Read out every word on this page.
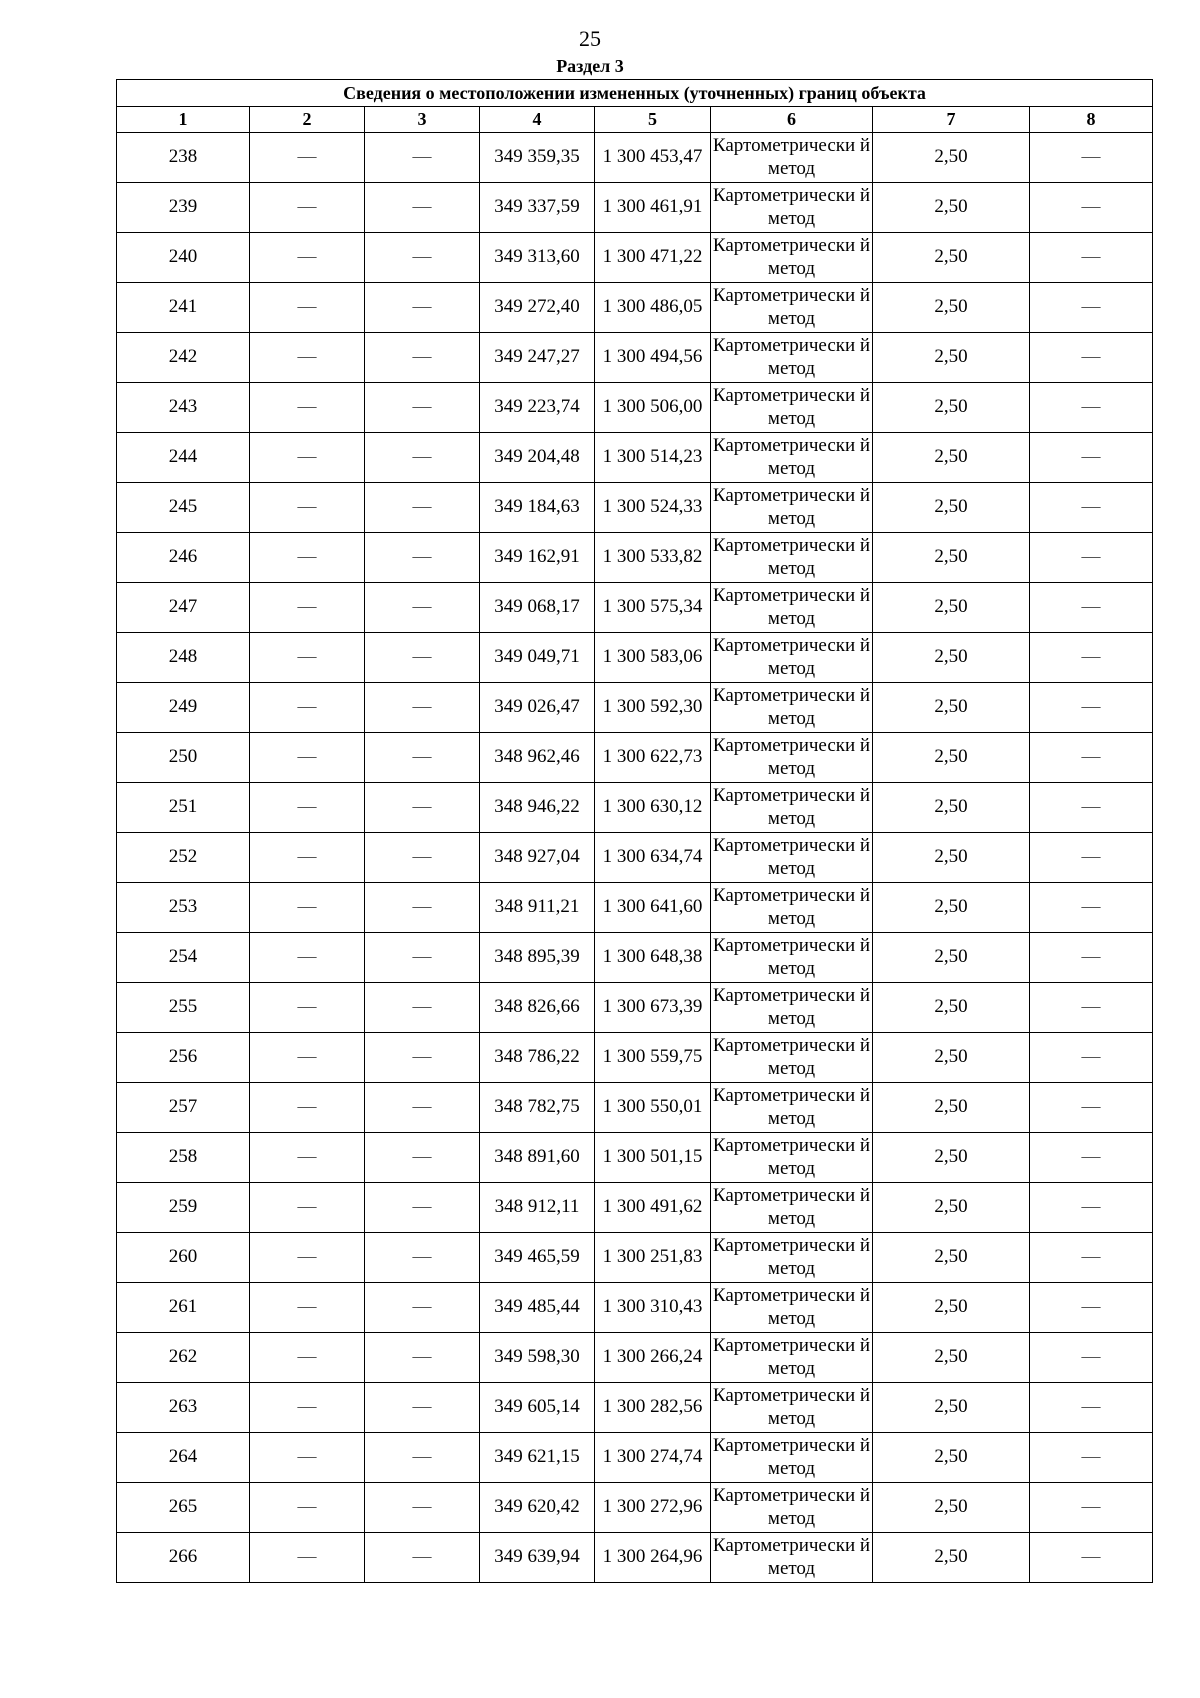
25
Раздел 3
Сведения о местоположении измененных (уточненных) границ объекта							
1	2	3	4	5	6	7	8
238	—	—	349 359,35	1 300 453,47	Картометрически й метод	2,50	—
239	—	—	349 337,59	1 300 461,91	Картометрически й метод	2,50	—
240	—	—	349 313,60	1 300 471,22	Картометрически й метод	2,50	—
241	—	—	349 272,40	1 300 486,05	Картометрически й метод	2,50	—
242	—	—	349 247,27	1 300 494,56	Картометрически й метод	2,50	—
243	—	—	349 223,74	1 300 506,00	Картометрически й метод	2,50	—
244	—	—	349 204,48	1 300 514,23	Картометрически й метод	2,50	—
245	—	—	349 184,63	1 300 524,33	Картометрически й метод	2,50	—
246	—	—	349 162,91	1 300 533,82	Картометрически й метод	2,50	—
247	—	—	349 068,17	1 300 575,34	Картометрически й метод	2,50	—
248	—	—	349 049,71	1 300 583,06	Картометрически й метод	2,50	—
249	—	—	349 026,47	1 300 592,30	Картометрически й метод	2,50	—
250	—	—	348 962,46	1 300 622,73	Картометрически й метод	2,50	—
251	—	—	348 946,22	1 300 630,12	Картометрически й метод	2,50	—
252	—	—	348 927,04	1 300 634,74	Картометрически й метод	2,50	—
253	—	—	348 911,21	1 300 641,60	Картометрически й метод	2,50	—
254	—	—	348 895,39	1 300 648,38	Картометрически й метод	2,50	—
255	—	—	348 826,66	1 300 673,39	Картометрически й метод	2,50	—
256	—	—	348 786,22	1 300 559,75	Картометрически й метод	2,50	—
257	—	—	348 782,75	1 300 550,01	Картометрически й метод	2,50	—
258	—	—	348 891,60	1 300 501,15	Картометрически й метод	2,50	—
259	—	—	348 912,11	1 300 491,62	Картометрически й метод	2,50	—
260	—	—	349 465,59	1 300 251,83	Картометрически й метод	2,50	—
261	—	—	349 485,44	1 300 310,43	Картометрически й метод	2,50	—
262	—	—	349 598,30	1 300 266,24	Картометрически й метод	2,50	—
263	—	—	349 605,14	1 300 282,56	Картометрически й метод	2,50	—
264	—	—	349 621,15	1 300 274,74	Картометрически й метод	2,50	—
265	—	—	349 620,42	1 300 272,96	Картометрически й метод	2,50	—
266	—	—	349 639,94	1 300 264,96	Картометрически й метод	2,50	—
